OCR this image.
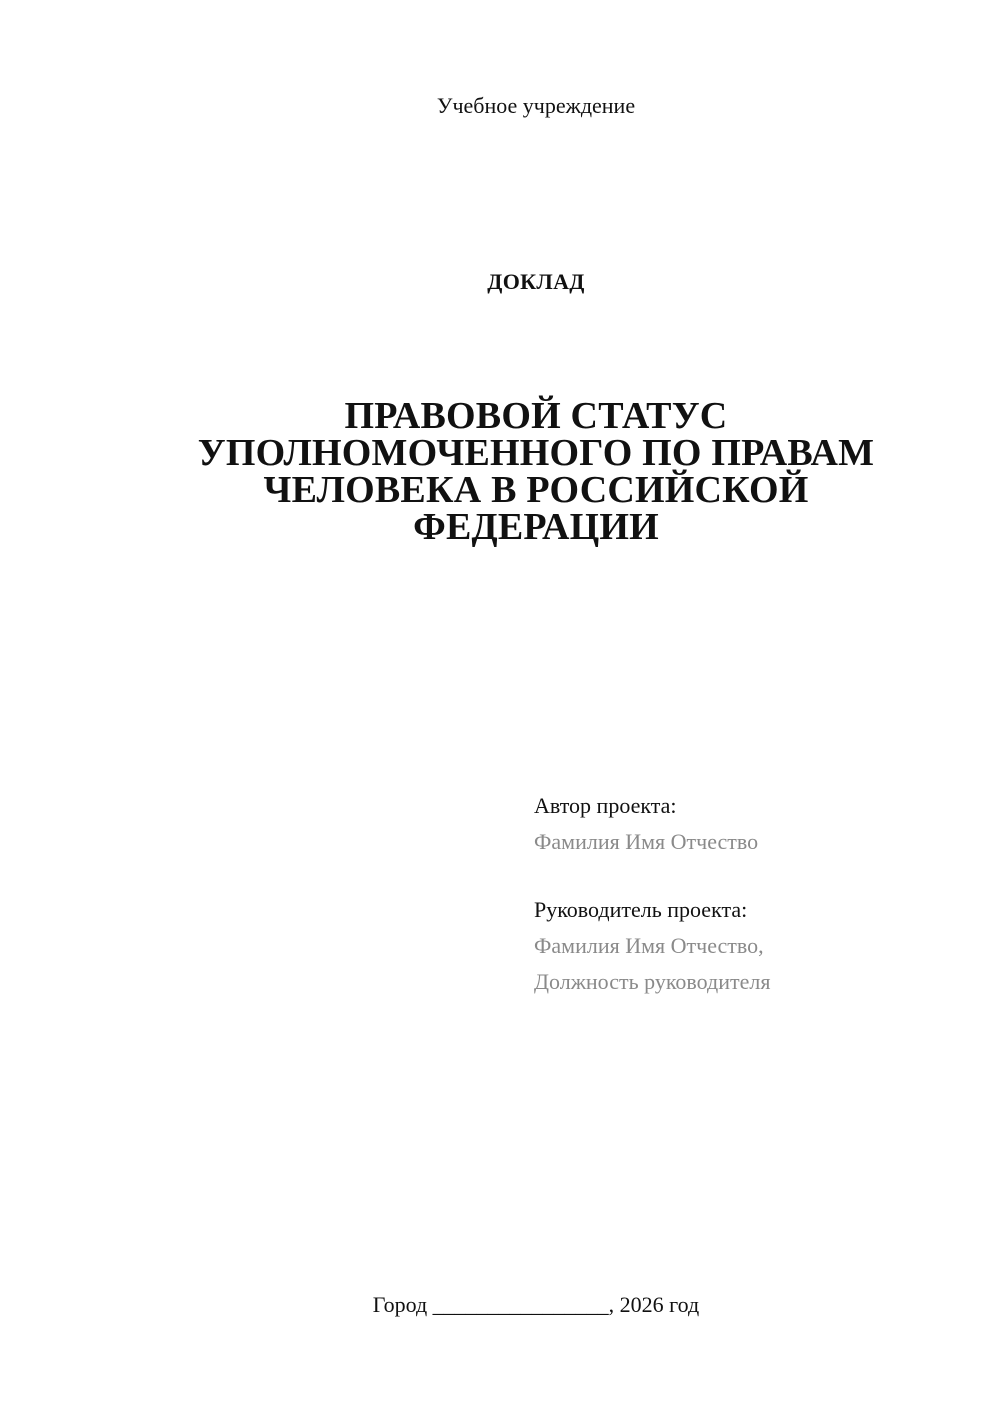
Учебное учреждение
ДОКЛАД
ПРАВОВОЙ СТАТУС
УПОЛНОМОЧЕННОГО ПО ПРАВАМ
ЧЕЛОВЕКА В РОССИЙСКОЙ
ФЕДЕРАЦИИ
Автор проекта:
Фамилия Имя Отчество
Руководитель проекта:
Фамилия Имя Отчество,
Должность руководителя
Город ________________, 2026 год
